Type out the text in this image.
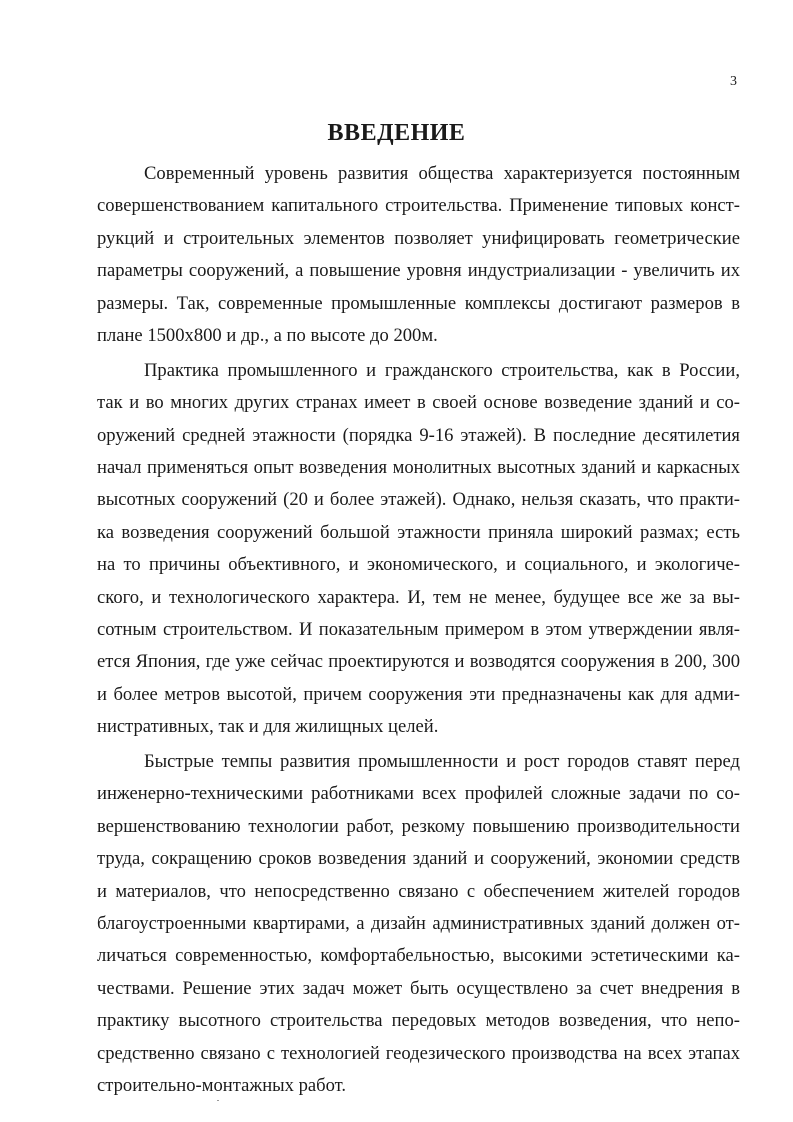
3
ВВЕДЕНИЕ
Современный уровень развития общества характеризуется постоянным
совершенствованием капитального строительства. Применение типовых конст-
рукций и строительных элементов позволяет унифицировать геометрические
параметры сооружений, а повышение уровня индустриализации - увеличить их
размеры. Так, современные промышленные комплексы достигают размеров в
плане 1500х800 и др., а по высоте до 200м.
Практика промышленного и гражданского строительства, как в России,
так и во многих других странах имеет в своей основе возведение зданий и со-
оружений средней этажности (порядка 9-16 этажей). В последние десятилетия
начал применяться опыт возведения монолитных высотных зданий и каркасных
высотных сооружений (20 и более этажей). Однако, нельзя сказать, что практи-
ка возведения сооружений большой этажности приняла широкий размах; есть
на то причины объективного, и экономического, и социального, и экологиче-
ского, и технологического характера. И, тем не менее, будущее все же за вы-
сотным строительством. И показательным примером в этом утверждении явля-
ется Япония, где уже сейчас проектируются и возводятся сооружения в 200, 300
и более метров высотой, причем сооружения эти предназначены как для адми-
нистративных, так и для жилищных целей.
Быстрые темпы развития промышленности и рост городов ставят перед
инженерно-техническими работниками всех профилей сложные задачи по со-
вершенствованию технологии работ, резкому повышению производительности
труда, сокращению сроков возведения зданий и сооружений, экономии средств
и материалов, что непосредственно связано с обеспечением жителей городов
благоустроенными квартирами, а дизайн административных зданий должен от-
личаться современностью, комфортабельностью, высокими эстетическими ка-
чествами. Решение этих задач может быть осуществлено за счет внедрения в
практику высотного строительства передовых методов возведения, что непо-
средственно связано с технологией геодезического производства на всех этапах
строительно-монтажных работ.
